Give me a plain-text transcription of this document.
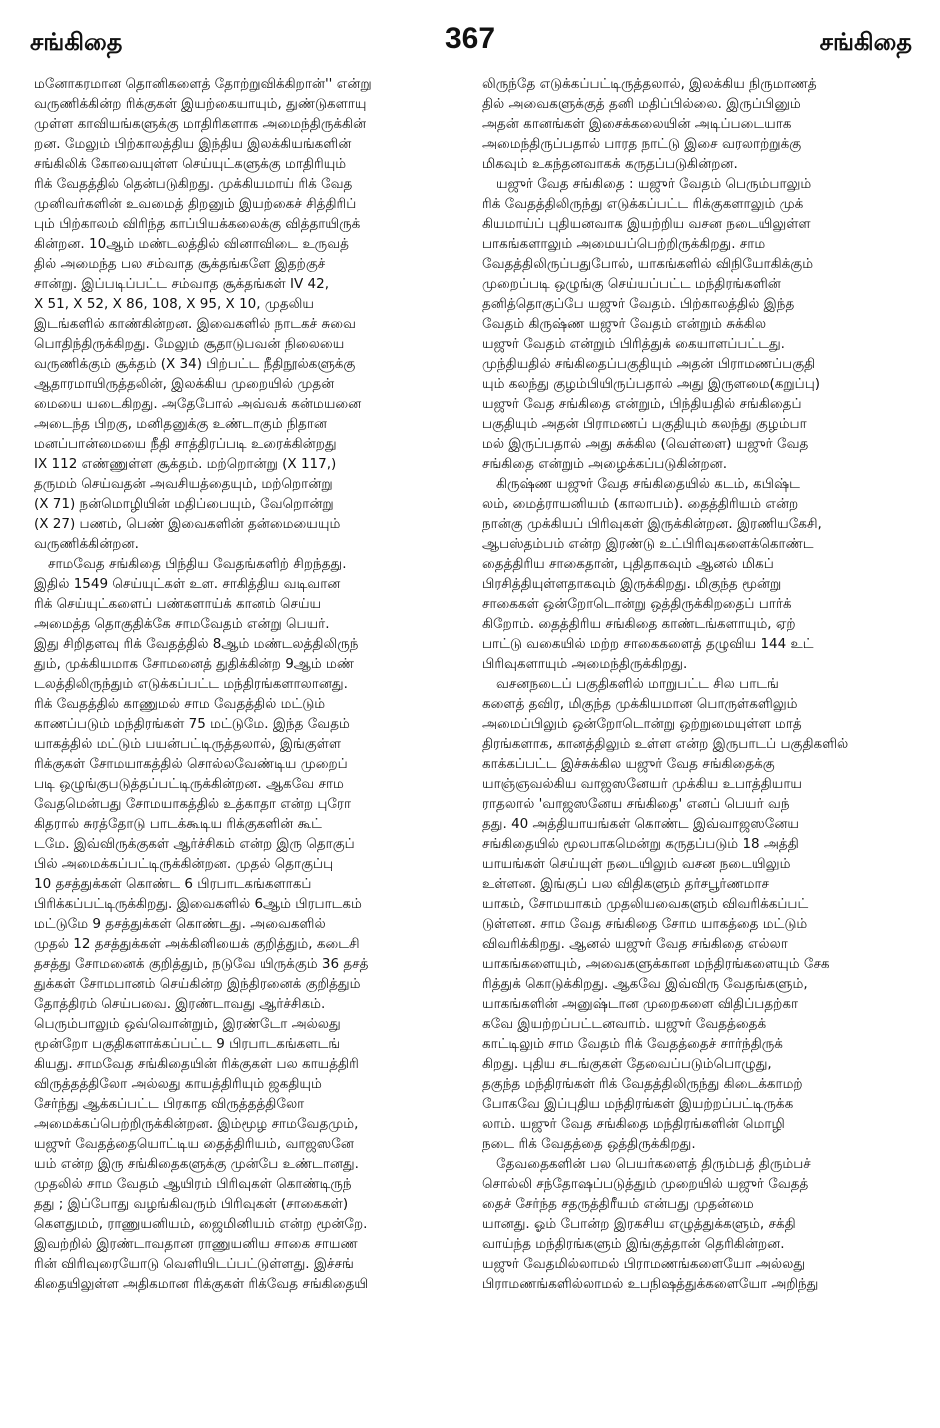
சங்கிதை	367	சங்கிதை

மனோகரமான தொனிகளைத் தோற்றுவிக்கிறான்'' என்று
வருணிக்கின்ற ரிக்குகள் இயற்கையாயும், துண்டுகளாயு
முள்ள காவியங்களுக்கு மாதிரிகளாக அமைந்திருக்கின்
றன. மேலும் பிற்காலத்திய இந்திய இலக்கியங்களின்
சங்கிலிக் கோவையுள்ள செய்யுட்களுக்கு மாதிரியும்
ரிக் வேதத்தில் தென்படுகிறது. முக்கியமாய் ரிக் வேத
முனிவர்களின் உவமைத் திறனும் இயற்கைச் சித்திரிப்
பும் பிற்காலம் விரிந்த காப்பியக்கலைக்கு வித்தாயிருக்
கின்றன. 10ஆம் மண்டலத்தில் வினாவிடை உருவத்
தில் அமைந்த பல சம்வாத சூக்தங்களே இதற்குச்
சான்று. இப்படிப்பட்ட சம்வாத சூக்தங்கள் IV 42,
X 51, X 52, X 86, 108, X 95, X 10, முதலிய
இடங்களில் காண்கின்றன. இவைகளில் நாடகச் சுவை
பொதிந்திருக்கிறது. மேலும் சூதாடுபவன் நிலையை
வருணிக்கும் சூக்தம் (X 34) பிற்பட்ட நீதிநூல்களுக்கு
ஆதாரமாயிருத்தலின், இலக்கிய முறையில் முதன்
மையை யடைகிறது. அதேபோல் அவ்வக் கன்மயனை
அடைந்த பிறகு, மனிதனுக்கு உண்டாகும் நிதான
மனப்பான்மையை நீதி சாத்திரப்படி உரைக்கின்றது
IX 112 எண்ணுள்ள சூக்தம். மற்றொன்று (X 117,)
தருமம் செய்வதன் அவசியத்தையும், மற்றொன்று
(X 71) நன்மொழியின் மதிப்பையும், வேறொன்று
(X 27) பணம், பெண் இவைகளின் தன்மையையும்
வருணிக்கின்றன.

சாமவேத சங்கிதை பிந்திய வேதங்களிற் சிறந்தது.
இதில் 1549 செய்யுட்கள் உள. சாகித்திய வடிவான
ரிக் செய்யுட்களைப் பண்களாய்க் கானம் செய்ய
அமைத்த தொகுதிக்கே சாமவேதம் என்று பெயர்.
இது சிறிதளவு ரிக் வேதத்தில் 8ஆம் மண்டலத்திலிருந்
தும், முக்கியமாக சோமனைத் துதிக்கின்ற 9ஆம் மண்
டலத்திலிருந்தும் எடுக்கப்பட்ட மந்திரங்களாலானது.
ரிக் வேதத்தில் காணுமல் சாம வேதத்தில் மட்டும்
காணப்படும் மந்திரங்கள் 75 மட்டுமே. இந்த வேதம்
யாகத்தில் மட்டும் பயன்பட்டிருத்தலால், இங்குள்ள
ரிக்குகள் சோமயாகத்தில் சொல்லவேண்டிய முறைப்
படி ஒழுங்குபடுத்தப்பட்டிருக்கின்றன. ஆகவே சாம
வேதமென்பது சோமயாகத்தில் உத்காதா என்ற புரோ
கிதரால் சுரத்தோடு பாடக்கூடிய ரிக்குகளின் கூட்
டமே. இவ்விருக்குகள் ஆர்ச்சிகம் என்ற இரு தொகுப்
பில் அமைக்கப்பட்டிருக்கின்றன. முதல் தொகுப்பு
10 தசத்துக்கள் கொண்ட 6 பிரபாடகங்களாகப்
பிரிக்கப்பட்டிருக்கிறது. இவைகளில் 6ஆம் பிரபாடகம்
மட்டுமே 9 தசத்துக்கள் கொண்டது. அவைகளில்
முதல் 12 தசத்துக்கள் அக்கினியைக் குறித்தும், கடைசி
தசத்து சோமனைக் குறித்தும், நடுவே யிருக்கும் 36 தசத்
துக்கள் சோமபானம் செய்கின்ற இந்திரனைக் குறித்தும்
தோத்திரம் செய்பவை. இரண்டாவது ஆர்ச்சிகம்.
பெரும்பாலும் ஒவ்வொன்றும், இரண்டோ அல்லது
மூன்றோ பகுதிகளாக்கப்பட்ட 9 பிரபாடகங்களடங்
கியது. சாமவேத சங்கிதையின் ரிக்குகள் பல காயத்திரி
விருத்தத்திலோ அல்லது காயத்திரியும் ஜகதியும்
சேர்ந்து ஆக்கப்பட்ட பிரகாத விருத்தத்திலோ
அமைக்கப்பெற்றிருக்கின்றன. இம்மூழ சாமவேதமும்,
யஜுர் வேதத்தையொட்டிய தைத்திரியம், வாஜஸனே
யம் என்ற இரு சங்கிதைகளுக்கு முன்பே உண்டானது.
முதலில் சாம வேதம் ஆயிரம் பிரிவுகள் கொண்டிருந்
தது ; இப்போது வழங்கிவரும் பிரிவுகள் (சாகைகள்)
கௌதுமம், ராணுயனியம், ஜைமினியம் என்ற மூன்றே.
இவற்றில் இரண்டாவதான ராணுயனிய சாகை சாயண
ரின் விரிவுரையோடு வெளியிடப்பட்டுள்ளது. இச்சங்
கிதையிலுள்ள அதிகமான ரிக்குகள் ரிக்வேத சங்கிதையி

லிருந்தே எடுக்கப்பட்டிருத்தலால், இலக்கிய நிருமாணத்
தில் அவைகளுக்குத் தனி மதிப்பில்லை. இருப்பினும்
அதன் கானங்கள் இசைக்கலையின் அடிப்படையாக
அமைந்திருப்பதால் பாரத நாட்டு இசை வரலாற்றுக்கு
மிகவும் உகந்தனவாகக் கருதப்படுகின்றன.

யஜுர் வேத சங்கிதை : யஜுர் வேதம் பெரும்பாலும்
ரிக் வேதத்திலிருந்து எடுக்கப்பட்ட ரிக்குகளாலும் முக்
கியமாய்ப் புதியனவாக இயற்றிய வசன நடையிலுள்ள
பாகங்களாலும் அமையப்பெற்றிருக்கிறது. சாம
வேதத்திலிருப்பதுபோல், யாகங்களில் விநியோகிக்கும்
முறைப்படி ஒழுங்கு செய்யப்பட்ட மந்திரங்களின்
தனித்தொகுப்பே யஜுர் வேதம். பிற்காலத்தில் இந்த
வேதம் கிருஷ்ண யஜுர் வேதம் என்றும் சுக்கில
யஜுர் வேதம் என்றும் பிரித்துக் கையாளப்பட்டது.
முந்தியதில் சங்கிதைப்பகுதியும் அதன் பிராமணப்பகுதி
யும் கலந்து குழம்பியிருப்பதால் அது இருளமை(கறுப்பு)
யஜுர் வேத சங்கிதை என்றும், பிந்தியதில் சங்கிதைப்
பகுதியும் அதன் பிராமணப் பகுதியும் கலந்து குழம்பா
மல் இருப்பதால் அது சுக்கில (வெள்ளை) யஜுர் வேத
சங்கிதை என்றும் அழைக்கப்படுகின்றன.

கிருஷ்ண யஜுர் வேத சங்கிதையில் கடம், கபிஷ்ட
லம், மைத்ராயனியம் (காலாபம்). தைத்திரியம் என்ற
நான்கு முக்கியப் பிரிவுகள் இருக்கின்றன. இரணியகேசி,
ஆபஸ்தம்பம் என்ற இரண்டு உட்பிரிவுகளைக்கொண்ட
தைத்திரிய சாகைதான், புதிதாகவும் ஆனல் மிகப்
பிரசித்தியுள்ளதாகவும் இருக்கிறது. மிகுந்த மூன்று
சாகைகள் ஒன்றோடொன்று ஒத்திருக்கிறதைப் பார்க்
கிறோம். தைத்திரிய சங்கிதை காண்டங்களாயும், ஏற்
பாட்டு வகையில் மற்ற சாகைகளைத் தழுவிய 144 உட்
பிரிவுகளாயும் அமைந்திருக்கிறது.

வசனநடைப் பகுதிகளில் மாறுபட்ட சில பாடங்
களைத் தவிர, மிகுந்த முக்கியமான பொருள்களிலும்
அமைப்பிலும் ஒன்றோடொன்று ஒற்றுமையுள்ள மாத்
திரங்களாக, கானத்திலும் உள்ள என்ற இருபாடப் பகுதிகளில்
காக்கப்பட்ட இச்சுக்கில யஜுர் வேத சங்கிதைக்கு
யாஞ்ஞவல்கிய வாஜஸனேயர் முக்கிய உபாத்தியாய
ராதலால் 'வாஜஸனேய சங்கிதை' எனப் பெயர் வந்
தது. 40 அத்தியாயங்கள் கொண்ட இவ்வாஜஸனேய
சங்கிதையில் மூலபாகமென்று கருதப்படும் 18 அத்தி
யாயங்கள் செய்யுள் நடையிலும் வசன நடையிலும்
உள்ளன. இங்குப் பல விதிகளும் தர்சபூர்ணமாச
யாகம், சோமயாகம் முதலியவைகளும் விவரிக்கப்பட்
டுள்ளன. சாம வேத சங்கிதை சோம யாகத்தை மட்டும்
விவரிக்கிறது. ஆனல் யஜுர் வேத சங்கிதை எல்லா
யாகங்களையும், அவைகளுக்கான மந்திரங்களையும் சேக
ரித்துக் கொடுக்கிறது. ஆகவே இவ்விரு வேதங்களும்,
யாகங்களின் அனுஷ்டான முறைகளை விதிப்பதற்கா
கவே இயற்றப்பட்டனவாம். யஜுர் வேதத்தைக்
காட்டிலும் சாம வேதம் ரிக் வேதத்தைச் சார்ந்திருக்
கிறது. புதிய சடங்குகள் தேவைப்படும்பொழுது,
தகுந்த மந்திரங்கள் ரிக் வேதத்திலிருந்து கிடைக்காமற்
போகவே இப்புதிய மந்திரங்கள் இயற்றப்பட்டிருக்க
லாம். யஜுர் வேத சங்கிதை மந்திரங்களின் மொழி
நடை ரிக் வேதத்தை ஒத்திருக்கிறது.

தேவதைகளின் பல பெயர்களைத் திரும்பத் திரும்பச்
சொல்லி சந்தோஷப்படுத்தும் முறையில் யஜுர் வேதத்
தைச் சேர்ந்த சதருத்திரீயம் என்பது முதன்மை
யானது. ஓம் போன்ற இரகசிய எழுத்துக்களும், சக்தி
வாய்ந்த மந்திரங்களும் இங்குத்தான் தெரிகின்றன.
யஜுர் வேதமில்லாமல் பிராமணங்களையோ அல்லது
பிராமணங்களில்லாமல் உபநிஷத்துக்களையோ அறிந்து
